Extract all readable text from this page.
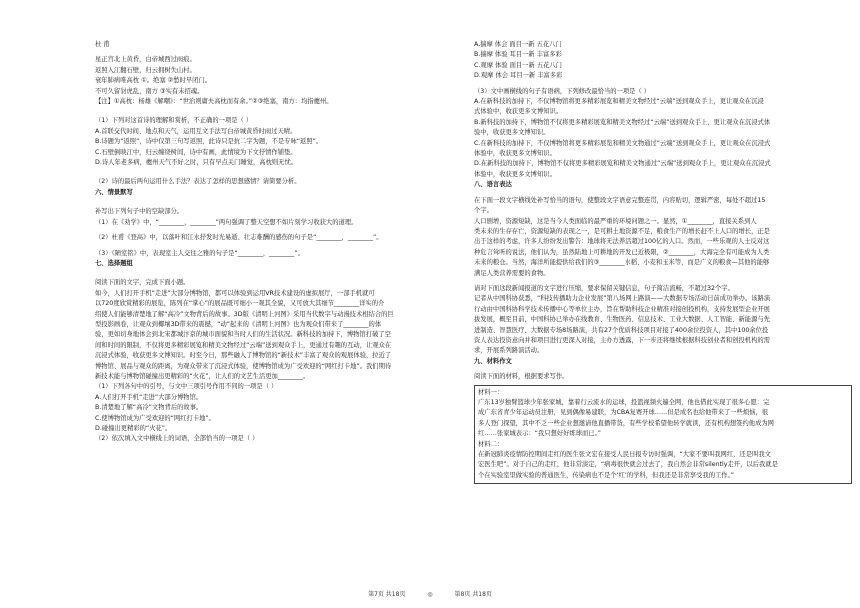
杜 甫
星正宫北上黄昏，白帝城西过雨痕。
返照入江翻石壁，归云拥树失山村。
衰年肺病唯高枕 ①。绝塞 ②愁时早闭门。
不可久留豺虎乱，南方 ③实有未招魂。
【注】①高枕：杨雄《解嘲》：“世治则庸夫高枕而有余。”②③绝塞，南方：均指夔州。
（1）下列对这首诗的理解和赏析，不正确的一项是（ ）
A.首联交代时间、地点和天气，运用互文手法写白帝城黄昏时雨过天晴。
B.诗题为“返照”，诗中仅第三句写返照，此诗只是抗二字为题，不是专咏“返照”。
C.石壁倒映江中，归云缠绕树间，诗中有画，此情境为下文抒情作铺垫。
D.诗人年老多病，夔州天气不好之时，只有早点关门睡觉，高枕则无忧。
（2）诗的最后两句运用什么手法？表达了怎样的思想感情？请简要分析。
六、情景默写
补写出下列句子中的空缺部分。
（1）在《劝学》中，“________，________”两句强调了整天空想不如片刻学习收获大的道理。
（2）杜甫《登高》中，以落叶和江水抒发时光易逝、壮志难酬的感伤的句子是“________，________”。
（3）《陋室铭》中，表现室主人交往之雅的句子是“________，________”。
七、选择题组
阅读下面的文字，完成下面小题。
如今，人们打开手机“走进”大部分博物馆，都可以体验到运用VR技术建设的虚拟展厅，一部手机就可
以720度欣赏精彩的展览，陈列在“掌心”的展品既可细小一观其全貌，又可放大其细节________详实的介
绍使人们能够清楚地了解“高冷”文物背后的故事。3D版《清明上河图》采用当代数字与动漫技术相结合的巨
型投影画卷，让观众到椰壤3D带来的震撼，“动”起来的《清明上河图》也为观众们带来了________的体
验，更如切身地体会到北宋都城汴京的城市面貌和当时人们的生活状况。新科技的加持下，博物馆打破了空
间和时间的限制，不仅将更多精彩展览和精美文物经过“云端”送到观众手上，更通过有趣的互动，让观众在
沉浸式体验，收获更多文博知识。时至今日，那些融入了博物馆的“新技术”丰富了观众的观展体验，拉近了
博物馆、展品与观众的距离，为观众带来了沉浸式体验，使博物馆成为广受欢迎的“网红打卡地”。我们期待
新技术能与博物馆碰撞出更精彩的“火花”，让人们的文艺生活更加________。
（1）下列各句中的引号，与文中三项引号作用不同的一项是（ ）
A.人们打开手机“走进”大部分博物馆。
B.清楚地了解“高冷”文物背后的故事。
C.使博物馆成为广受欢迎的“网红打卡地”。
D.碰撞出更精彩的“火花”。
（2）依次填入文中横线上的词语，全部恰当的一项是（ ）
A.揣摩 体会 面目一新 五花八门
B.揣摩 体验 耳目一新 丰富多彩
C.观摩 体验 面目一新 五花八门
D.观摩 体会 耳目一新 丰富多彩
（3）文中画横线的句子有语病，下列修改最恰当的一项是（ ）
A.在新科技的加持下，不仅博物馆将更多精彩展览和精美文物经过“云端”送到观众手上，更让观众在沉浸
式体验中，收获更多文博知识。
B.新科技的加持下，博物馆不仅将更多精彩展览和精美文物经过“云端”送到观众手上，更让观众在沉浸式体
验中，收获更多文博知识。
C.在新科技的加持下，不仅博物馆将更多精彩展览和精美文物通过“云端”送到观众手上，更让观众在沉浸式
体验中，收获更多文博知识。
D.在新科技的加持下，博物馆不仅将更多精彩展览和精美文物通过“云端”送到观众手上，更让观众在沉浸式
体验中，收获更多文博知识。
八、语言表达
在下面一段文字横线处补写恰当的语句，使整段文字语意完整连贯，内容贴切，逻辑严密，每处不超过15
个字。
人口剧增，资源短缺，这是当今人类面临的最严重的环境问题之一。显然，①________，直接关系到人
类未来的生存存亡，资源短缺的表现之一，是可耕土地资源不足，粮食生产的增长赶不上人口的增长，正是
出于这样的考虑，许多人纷纷发出警告：地球将无法养活超过100亿的人口。然而，一些乐观的人士反对这
种危言耸听的说法，他们认为，虽然陆地上可耕地的开发已近极限，②________，大海完全有可能成为人类
未来的粮仓。当然，海洋所能提供给我们的③________水稻、小麦和玉米等，而是广义的粮食—其他的能够
满足人类营养需要的食物。
请对下面这段新闻报道的文字进行压缩，要求保留关键信息，句子简洁流畅，不超过32个字。
记者从中国科协获悉，“科技传播助力企业发展”第八场网上路演——大数据专场活动日前成功举办。该路演
行动由中国科协科学技术传播中心等单位主办，旨在帮助科技企业精准对接创投机构，支持发展型企业开展
拔发展，概至目前，中国科协已举办在线教育、生物医药、信息技术、工业大数据、人工智能、新能源与先
进制造、智慧医疗、大数据专场8场路演，共有27个优质科技项目对接了400余位投资人，其中100余位投
资人表达投资意向并和项目进行更深入对接，主办方透露，下一步还将继续根据科技创业者和创投机构的需
求，开展系列路演活动。
九、材料作文
阅读下面的材料，根据要求写作。
材料一：
广东13岁独臂篮球少年张家城，靠着行云流水的运球，投篮视频火遍全网，他也借此实现了很多心愿：完
成广东省青少年运动员注册，见到偶像易建联，为CBA复赛开球……但是成名也给他带来了一些烦恼，很
多人登门探望，其中不乏一些企业想邀请他直播带货，有些学校希望他转学就读，还有机构想签约他成为网
红……张家城表示：“我只想好好练球而已。”
材料二：
在新冠肺炎疫情防控期间走红的医生张文宏在接受人民日报专访时强调，“大家不要叫我网红，还是叫我文
宏医生吧”。对于自己的走红，他非常淡定，“病毒很快就会过去了，我自然会非常silently走开，以后我就是
个在实验室里做实验的普通医生，传染病也不是个‘红’的学科，但我还是非常享受我的工作。”
第7页 共18页	◎	第8页 共18页
